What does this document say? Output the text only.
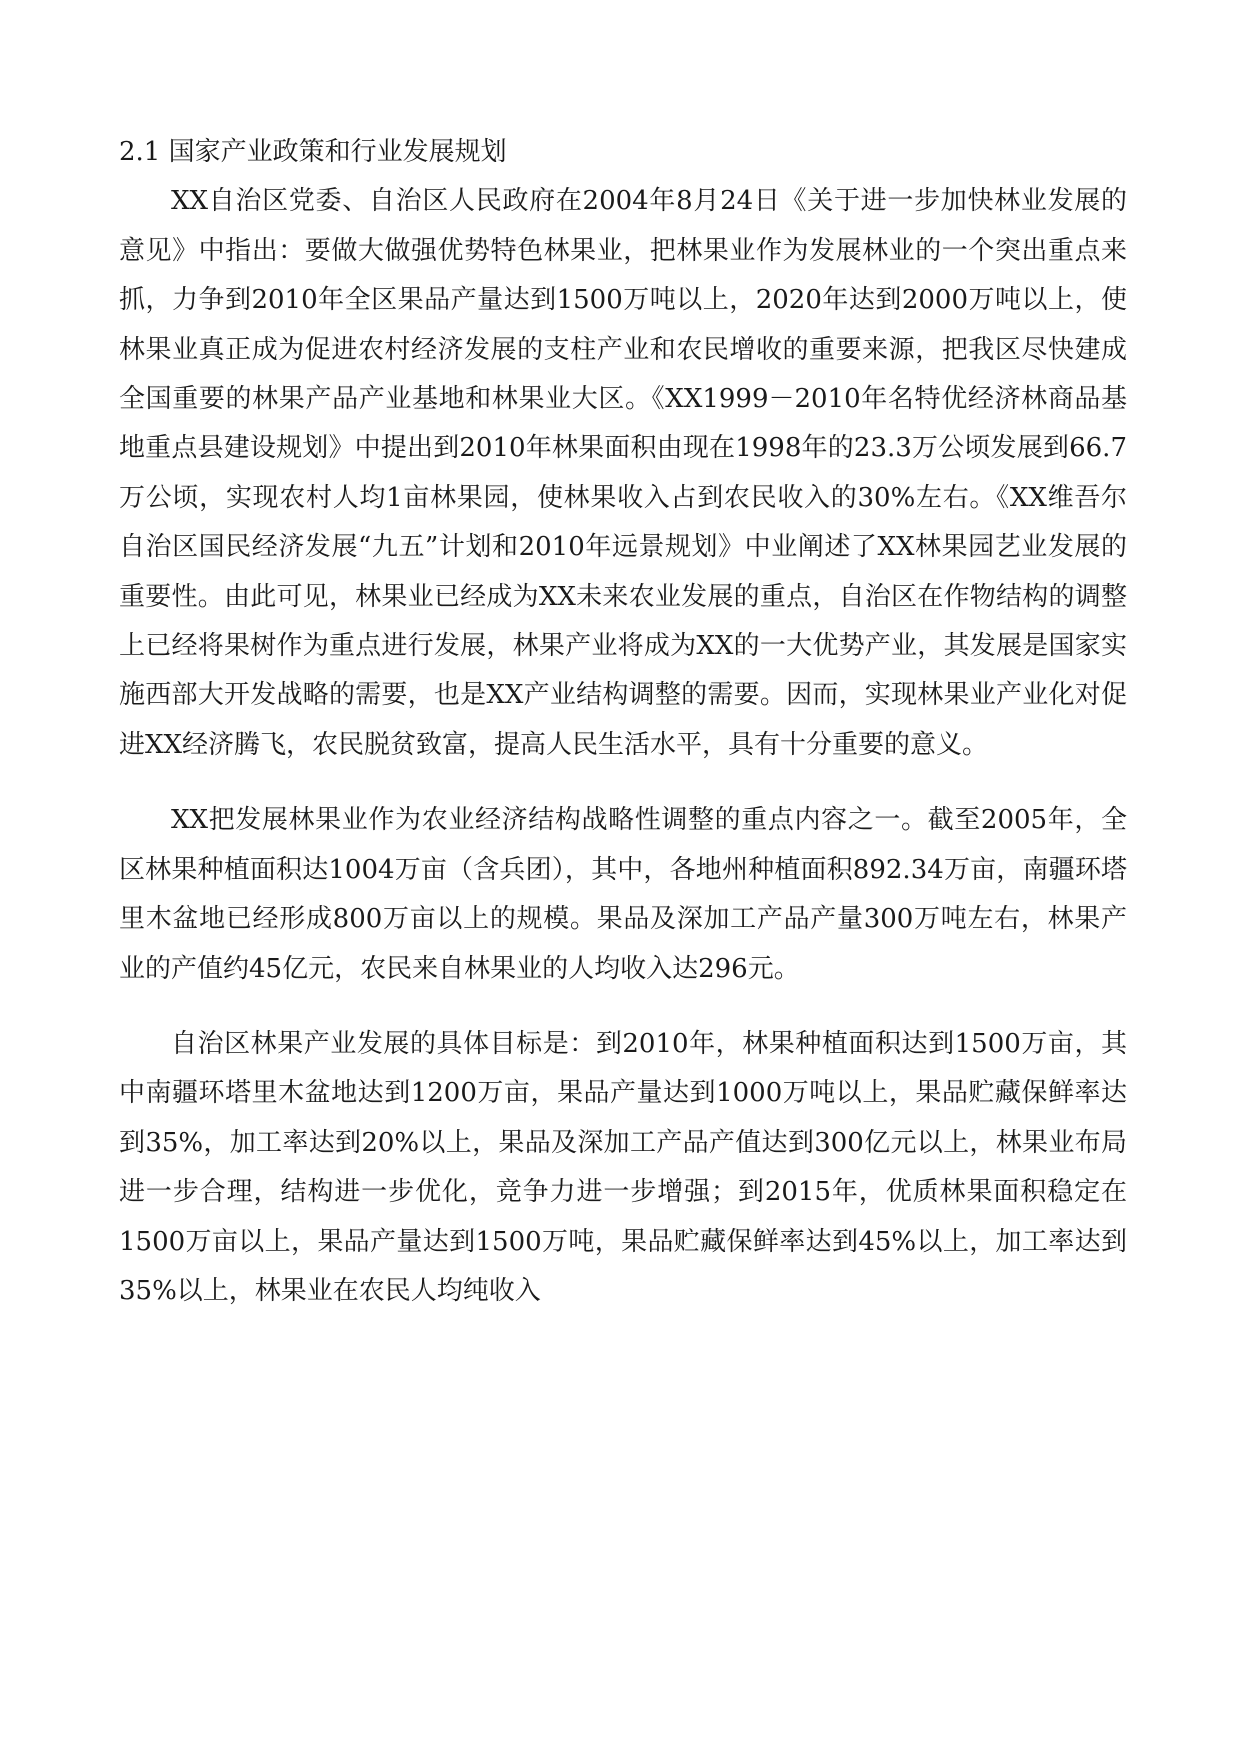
2.1 国家产业政策和行业发展规划

XX自治区党委、自治区人民政府在2004年8月24日《关于进一步加快林业发展的意见》中指出：要做大做强优势特色林果业，把林果业作为发展林业的一个突出重点来抓，力争到2010年全区果品产量达到1500万吨以上，2020年达到2000万吨以上，使林果业真正成为促进农村经济发展的支柱产业和农民增收的重要来源，把我区尽快建成全国重要的林果产品产业基地和林果业大区。《XX1999－2010年名特优经济林商品基地重点县建设规划》中提出到2010年林果面积由现在1998年的23.3万公顷发展到66.7万公顷，实现农村人均1亩林果园，使林果收入占到农民收入的30%左右。《XX维吾尔自治区国民经济发展“九五”计划和2010年远景规划》中业阐述了XX林果园艺业发展的重要性。由此可见，林果业已经成为XX未来农业发展的重点，自治区在作物结构的调整上已经将果树作为重点进行发展，林果产业将成为XX的一大优势产业，其发展是国家实施西部大开发战略的需要，也是XX产业结构调整的需要。因而，实现林果业产业化对促进XX经济腾飞，农民脱贫致富，提高人民生活水平，具有十分重要的意义。

XX把发展林果业作为农业经济结构战略性调整的重点内容之一。截至2005年，全区林果种植面积达1004万亩（含兵团），其中，各地州种植面积892.34万亩，南疆环塔里木盆地已经形成800万亩以上的规模。果品及深加工产品产量300万吨左右，林果产业的产值约45亿元，农民来自林果业的人均收入达296元。

自治区林果产业发展的具体目标是：到2010年，林果种植面积达到1500万亩，其中南疆环塔里木盆地达到1200万亩，果品产量达到1000万吨以上，果品贮藏保鲜率达到35%，加工率达到20%以上，果品及深加工产品产值达到300亿元以上，林果业布局进一步合理，结构进一步优化，竞争力进一步增强；到2015年，优质林果面积稳定在1500万亩以上，果品产量达到1500万吨，果品贮藏保鲜率达到45%以上，加工率达到35%以上，林果业在农民人均纯收入
